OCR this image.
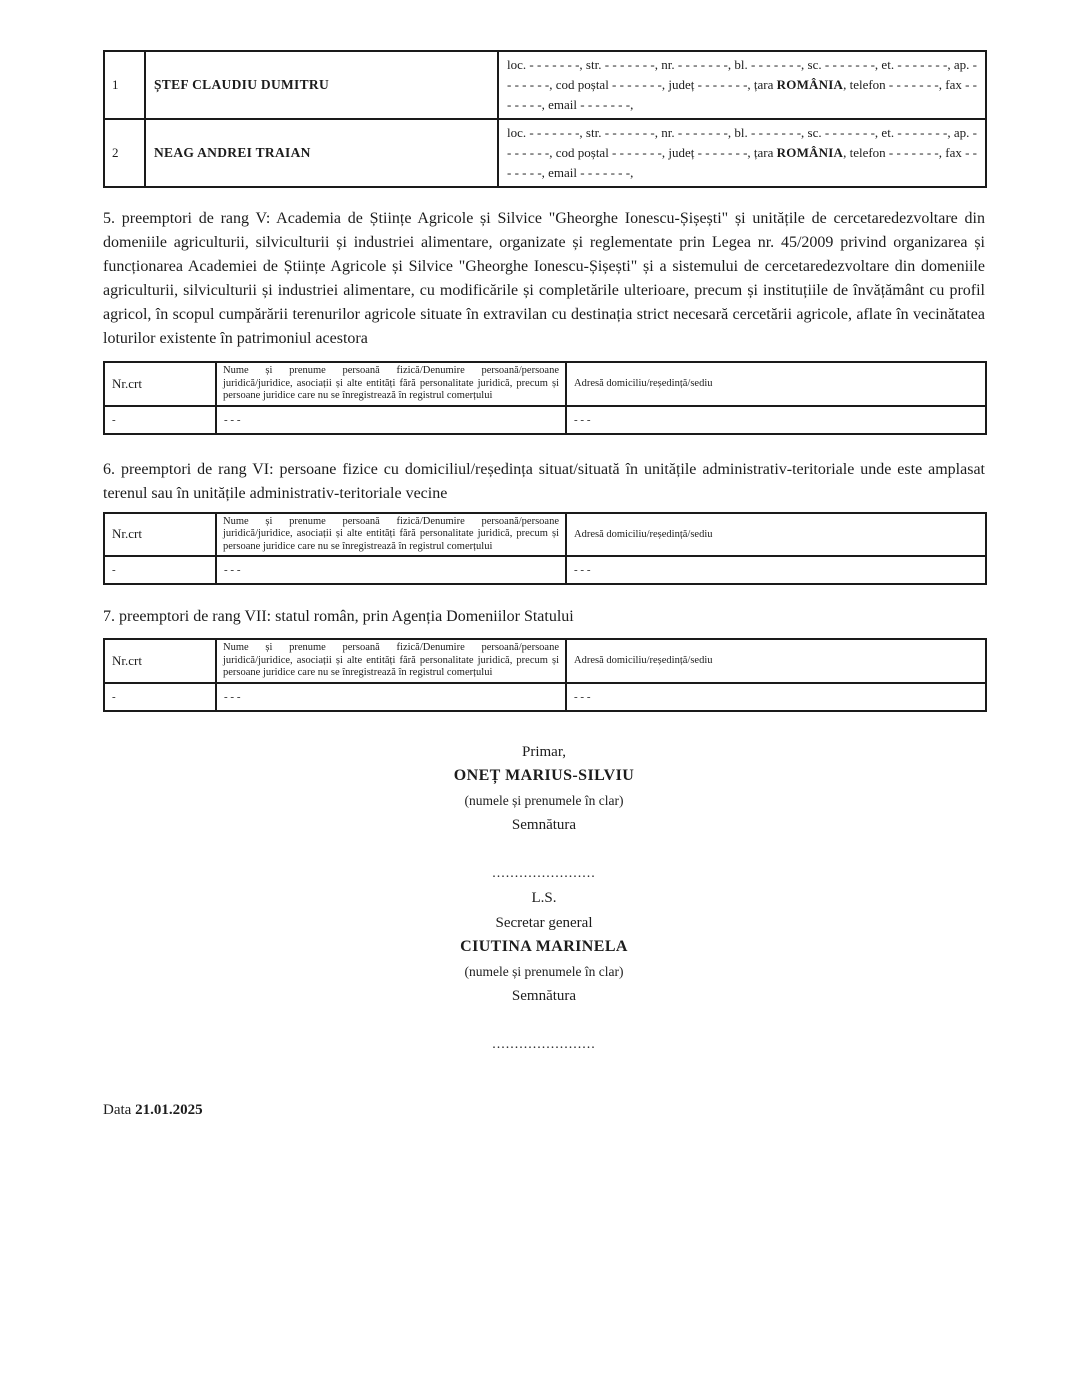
1	ȘTEF CLAUDIU DUMITRU	loc. - - - - - - -, str. - - - - - - -, nr. - - - - - - -, bl. - - - - - - -, sc. - - - - - - -, et. - - - - - - -, ap. - - - - - - -, cod poștal - - - - - - -, județ - - - - - - -, țara ROMÂNIA, telefon - - - - - - -, fax - - - - - - -, email - - - - - - -,
2	NEAG ANDREI TRAIAN	loc. - - - - - - -, str. - - - - - - -, nr. - - - - - - -, bl. - - - - - - -, sc. - - - - - - -, et. - - - - - - -, ap. - - - - - - -, cod poștal - - - - - - -, județ - - - - - - -, țara ROMÂNIA, telefon - - - - - - -, fax - - - - - - -, email - - - - - - -,

5. preemptori de rang V: Academia de Științe Agricole și Silvice "Gheorghe Ionescu-Șișești" și unitățile de cercetaredezvoltare din domeniile agriculturii, silviculturii și industriei alimentare, organizate și reglementate prin Legea nr. 45/2009 privind organizarea și funcționarea Academiei de Științe Agricole și Silvice "Gheorghe Ionescu-Șișești" și a sistemului de cercetaredezvoltare din domeniile agriculturii, silviculturii și industriei alimentare, cu modificările și completările ulterioare, precum și instituțiile de învățământ cu profil agricol, în scopul cumpărării terenurilor agricole situate în extravilan cu destinația strict necesară cercetării agricole, aflate în vecinătatea loturilor existente în patrimoniul acestora

Nr.crt	Nume și prenume persoană fizică/Denumire persoană/persoane juridică/juridice, asociații și alte entități fără personalitate juridică, precum și persoane juridice care nu se înregistrează în registrul comerțului	Adresă domiciliu/reședință/sediu
-	- - -	- - -

6. preemptori de rang VI: persoane fizice cu domiciliul/reședința situat/situată în unitățile administrativ-teritoriale unde este amplasat terenul sau în unitățile administrativ-teritoriale vecine

Nr.crt	Nume și prenume persoană fizică/Denumire persoană/persoane juridică/juridice, asociații și alte entități fără personalitate juridică, precum și persoane juridice care nu se înregistrează în registrul comerțului	Adresă domiciliu/reședință/sediu
-	- - -	- - -

7. preemptori de rang VII: statul român, prin Agenția Domeniilor Statului

Nr.crt	Nume și prenume persoană fizică/Denumire persoană/persoane juridică/juridice, asociații și alte entități fără personalitate juridică, precum și persoane juridice care nu se înregistrează în registrul comerțului	Adresă domiciliu/reședință/sediu
-	- - -	- - -
Primar,
ONEȚ MARIUS-SILVIU
(numele și prenumele în clar)
Semnătura
.......................
L.S.
Secretar general
CIUTINA MARINELA
(numele și prenumele în clar)
Semnătura
.......................
Data 21.01.2025
